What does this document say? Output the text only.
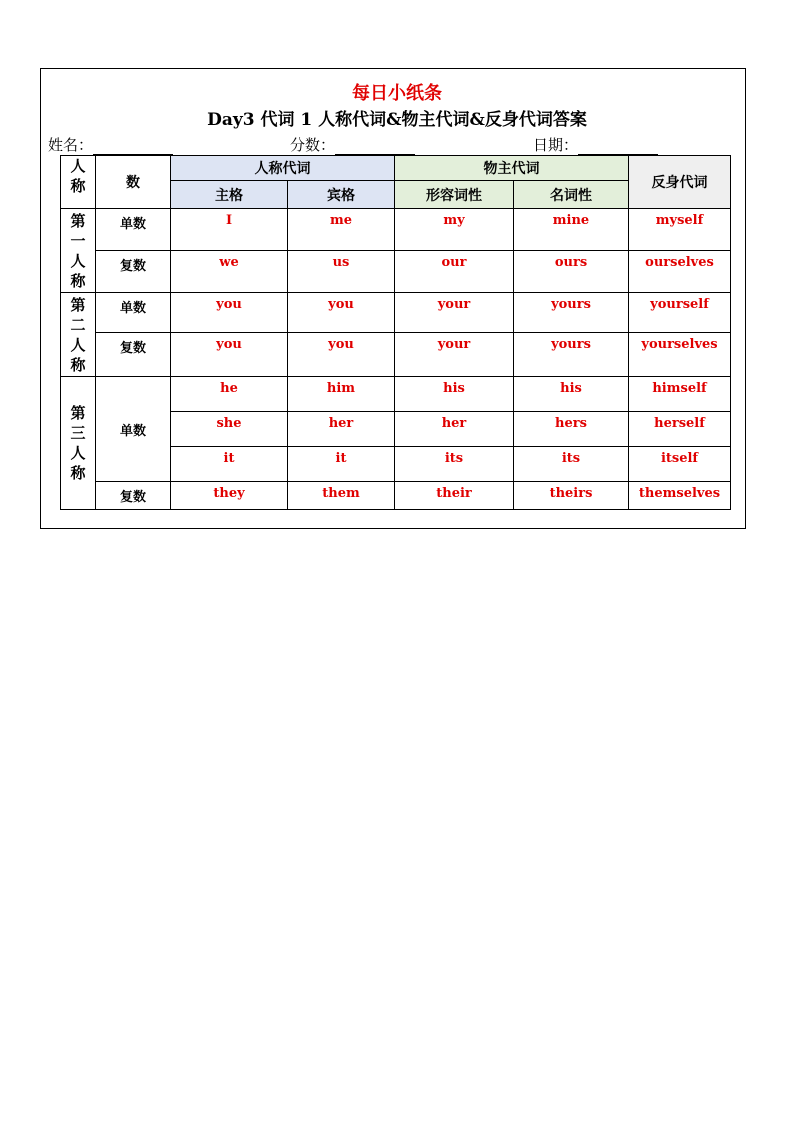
每日小纸条
Day3 代词 1 人称代词&物主代词&反身代词答案
姓名：	分数：	日期：
人称	数	人称代词		物主代词		反身代词
		主格	宾格	形容词性	名词性	

第一人称	单数	I	me	my	mine	myself
	复数	we	us	our	ours	ourselves

第二人称	单数	you	you	your	yours	yourself
	复数	you	you	your	yours	yourselves

第三人称	单数	he	him	his	his	himself
		she	her	her	hers	herself
		it	it	its	its	itself
	复数	they	them	their	theirs	themselves
